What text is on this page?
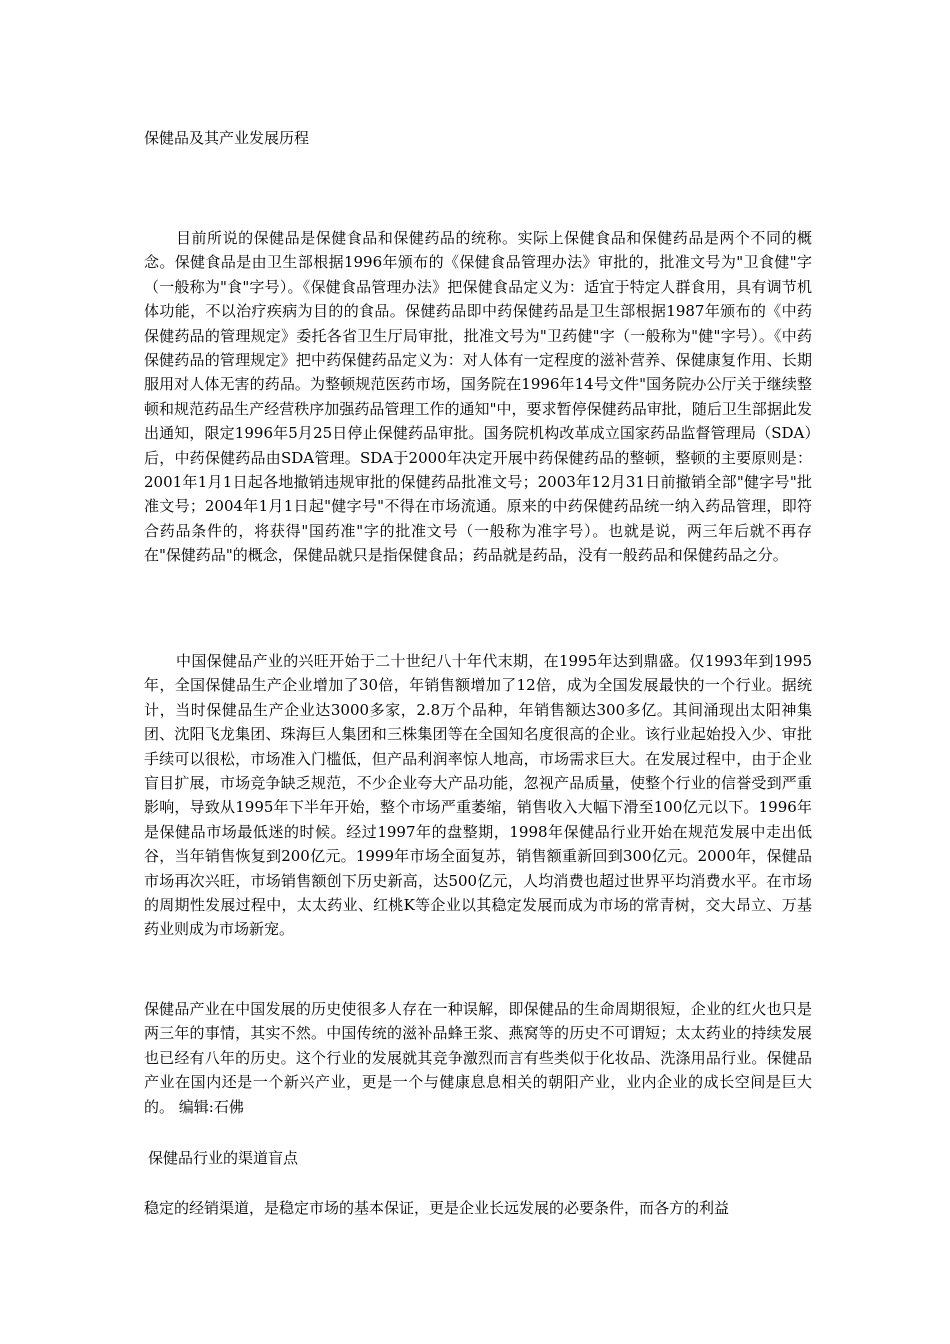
保健品及其产业发展历程

目前所说的保健品是保健食品和保健药品的统称。实际上保健食品和保健药品是两个不同的概念。保健食品是由卫生部根据1996年颁布的《保健食品管理办法》审批的，批准文号为"卫食健"字（一般称为"食"字号）。《保健食品管理办法》把保健食品定义为：适宜于特定人群食用，具有调节机体功能，不以治疗疾病为目的的食品。保健药品即中药保健药品是卫生部根据1987年颁布的《中药保健药品的管理规定》委托各省卫生厅局审批，批准文号为"卫药健"字（一般称为"健"字号）。《中药保健药品的管理规定》把中药保健药品定义为：对人体有一定程度的滋补营养、保健康复作用、长期服用对人体无害的药品。为整顿规范医药市场，国务院在1996年14号文件"国务院办公厅关于继续整顿和规范药品生产经营秩序加强药品管理工作的通知"中，要求暂停保健药品审批，随后卫生部据此发出通知，限定1996年5月25日停止保健药品审批。国务院机构改革成立国家药品监督管理局（SDA）后，中药保健药品由SDA管理。SDA于2000年决定开展中药保健药品的整顿，整顿的主要原则是：2001年1月1日起各地撤销违规审批的保健药品批准文号；2003年12月31日前撤销全部"健字号"批准文号；2004年1月1日起"健字号"不得在市场流通。原来的中药保健药品统一纳入药品管理，即符合药品条件的，将获得"国药准"字的批准文号（一般称为准字号）。也就是说，两三年后就不再存在"保健药品"的概念，保健品就只是指保健食品；药品就是药品，没有一般药品和保健药品之分。

中国保健品产业的兴旺开始于二十世纪八十年代末期，在1995年达到鼎盛。仅1993年到1995年，全国保健品生产企业增加了30倍，年销售额增加了12倍，成为全国发展最快的一个行业。据统计，当时保健品生产企业达3000多家，2.8万个品种，年销售额达300多亿。其间涌现出太阳神集团、沈阳飞龙集团、珠海巨人集团和三株集团等在全国知名度很高的企业。该行业起始投入少、审批手续可以很松，市场准入门槛低，但产品利润率惊人地高，市场需求巨大。在发展过程中，由于企业盲目扩展，市场竞争缺乏规范，不少企业夸大产品功能，忽视产品质量，使整个行业的信誉受到严重影响，导致从1995年下半年开始，整个市场严重萎缩，销售收入大幅下滑至100亿元以下。1996年是保健品市场最低迷的时候。经过1997年的盘整期，1998年保健品行业开始在规范发展中走出低谷，当年销售恢复到200亿元。1999年市场全面复苏，销售额重新回到300亿元。2000年，保健品市场再次兴旺，市场销售额创下历史新高，达500亿元，人均消费也超过世界平均消费水平。在市场的周期性发展过程中，太太药业、红桃K等企业以其稳定发展而成为市场的常青树，交大昂立、万基药业则成为市场新宠。

保健品产业在中国发展的历史使很多人存在一种误解，即保健品的生命周期很短，企业的红火也只是两三年的事情，其实不然。中国传统的滋补品蜂王浆、燕窝等的历史不可谓短；太太药业的持续发展也已经有八年的历史。这个行业的发展就其竞争激烈而言有些类似于化妆品、洗涤用品行业。保健品产业在国内还是一个新兴产业，更是一个与健康息息相关的朝阳产业，业内企业的成长空间是巨大的。 编辑:石佛

保健品行业的渠道盲点

稳定的经销渠道，是稳定市场的基本保证，更是企业长远发展的必要条件，而各方的利益
